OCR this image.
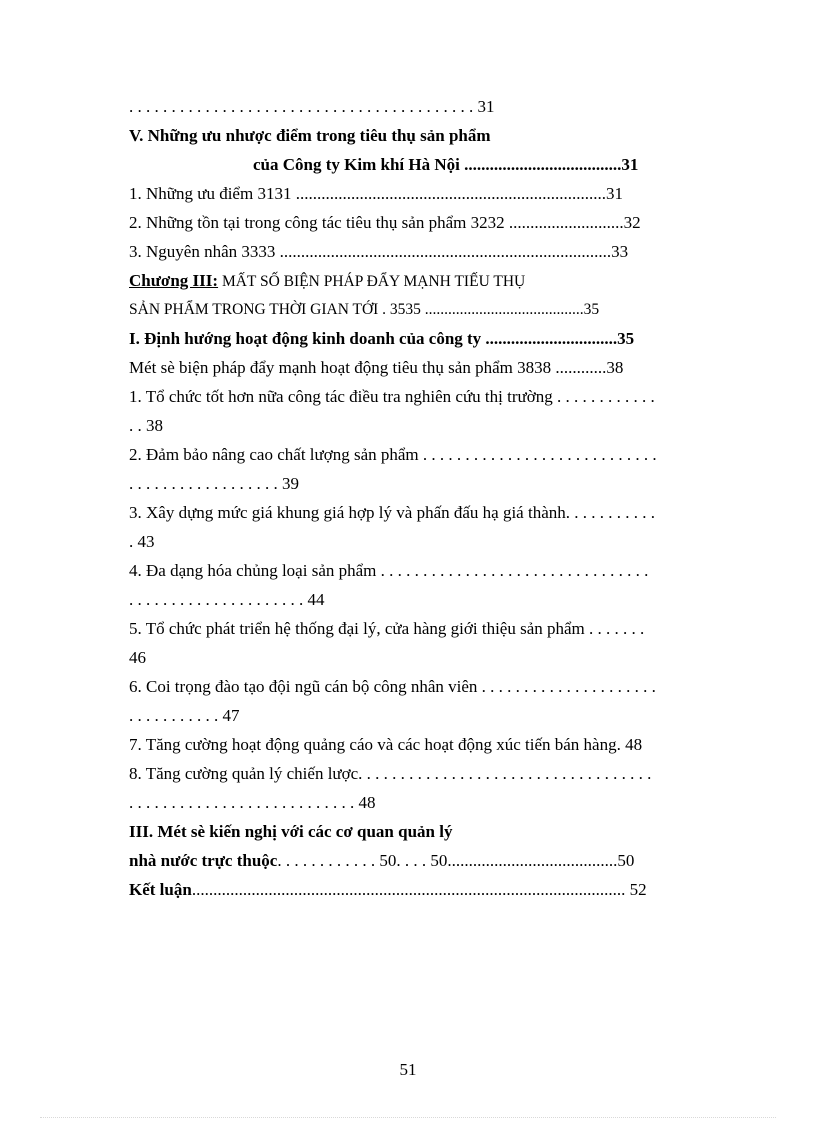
. . . . . . . . . . . . . . . . . . . . . . . . . . . . . . . . . . . . . . . . . 31

V. Những ưu nhược điểm trong tiêu thụ sản phẩm

của Công ty Kim khí Hà Nội .....................................31

1. Những ưu điểm 3131 .........................................................................31

2. Những tồn tại trong công tác tiêu thụ sản phẩm 3232 ...........................32

3. Nguyên nhân 3333 ..............................................................................33

Chương III: MẤT SỐ BIỆN PHÁP ĐẨY MẠNH TIẾU THỤ

SẢN PHẨM TRONG THỜI GIAN TỚI . 3535 .........................................35

I. Định hướng hoạt động kinh doanh của công ty ...............................35

Mét sè biện pháp đẩy mạnh hoạt động tiêu thụ sản phẩm 3838 ............38

1. Tổ chức tốt hơn nữa công tác điều tra nghiên cứu thị trường . . . . . . . . . . . .

. . 38

2. Đảm bảo nâng cao chất lượng sản phẩm . . . . . . . . . . . . . . . . . . . . . . . . . . . .

. . . . . . . . . . . . . . . . . . 39

3. Xây dựng mức giá khung giá hợp lý và phấn đấu hạ giá thành. . . . . . . . . . .

. 43

4. Đa dạng hóa chủng loại sản phẩm . . . . . . . . . . . . . . . . . . . . . . . . . . . . . . . .

. . . . . . . . . . . . . . . . . . . . . 44

5. Tổ chức phát triển hệ thống đại lý, cửa hàng giới thiệu sản phẩm . . . . . . .

46

6. Coi trọng đào tạo đội ngũ cán bộ công nhân viên . . . . . . . . . . . . . . . . . . . . .

. . . . . . . . . . . 47

7. Tăng cường hoạt động quảng cáo và các hoạt động xúc tiến bán hàng. 48

8. Tăng cường quản lý chiến lược. . . . . . . . . . . . . . . . . . . . . . . . . . . . . . . . . . .

. . . . . . . . . . . . . . . . . . . . . . . . . . . 48

III. Mét sè kiến nghị với các cơ quan quản lý

nhà nước trực thuộc. . . . . . . . . . . . 50. . . . 50........................................50

Kết luận...................................................................................................... 52

51
